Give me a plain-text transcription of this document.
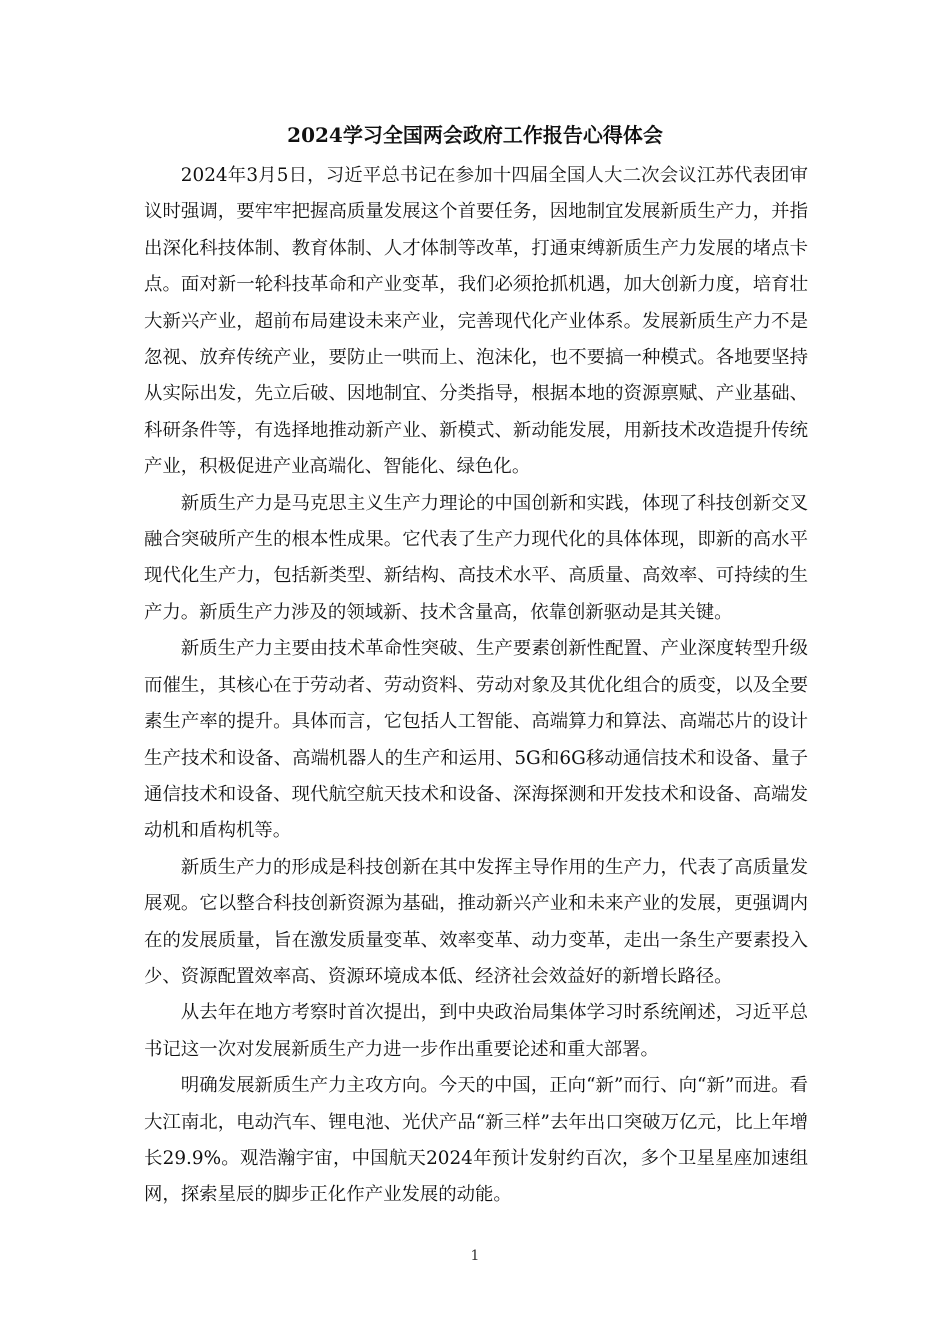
2024学习全国两会政府工作报告心得体会

2024年3月5日，习近平总书记在参加十四届全国人大二次会议江苏代表团审议时强调，要牢牢把握高质量发展这个首要任务，因地制宜发展新质生产力，并指出深化科技体制、教育体制、人才体制等改革，打通束缚新质生产力发展的堵点卡点。面对新一轮科技革命和产业变革，我们必须抢抓机遇，加大创新力度，培育壮大新兴产业，超前布局建设未来产业，完善现代化产业体系。发展新质生产力不是忽视、放弃传统产业，要防止一哄而上、泡沫化，也不要搞一种模式。各地要坚持从实际出发，先立后破、因地制宜、分类指导，根据本地的资源禀赋、产业基础、科研条件等，有选择地推动新产业、新模式、新动能发展，用新技术改造提升传统产业，积极促进产业高端化、智能化、绿色化。

新质生产力是马克思主义生产力理论的中国创新和实践，体现了科技创新交叉融合突破所产生的根本性成果。它代表了生产力现代化的具体体现，即新的高水平现代化生产力，包括新类型、新结构、高技术水平、高质量、高效率、可持续的生产力。新质生产力涉及的领域新、技术含量高，依靠创新驱动是其关键。

新质生产力主要由技术革命性突破、生产要素创新性配置、产业深度转型升级而催生，其核心在于劳动者、劳动资料、劳动对象及其优化组合的质变，以及全要素生产率的提升。具体而言，它包括人工智能、高端算力和算法、高端芯片的设计生产技术和设备、高端机器人的生产和运用、5G和6G移动通信技术和设备、量子通信技术和设备、现代航空航天技术和设备、深海探测和开发技术和设备、高端发动机和盾构机等。

新质生产力的形成是科技创新在其中发挥主导作用的生产力，代表了高质量发展观。它以整合科技创新资源为基础，推动新兴产业和未来产业的发展，更强调内在的发展质量，旨在激发质量变革、效率变革、动力变革，走出一条生产要素投入少、资源配置效率高、资源环境成本低、经济社会效益好的新增长路径。

从去年在地方考察时首次提出，到中央政治局集体学习时系统阐述，习近平总书记这一次对发展新质生产力进一步作出重要论述和重大部署。

明确发展新质生产力主攻方向。今天的中国，正向“新”而行、向“新”而进。看大江南北，电动汽车、锂电池、光伏产品“新三样”去年出口突破万亿元，比上年增长29.9%。观浩瀚宇宙，中国航天2024年预计发射约百次，多个卫星星座加速组网，探索星辰的脚步正化作产业发展的动能。

1
